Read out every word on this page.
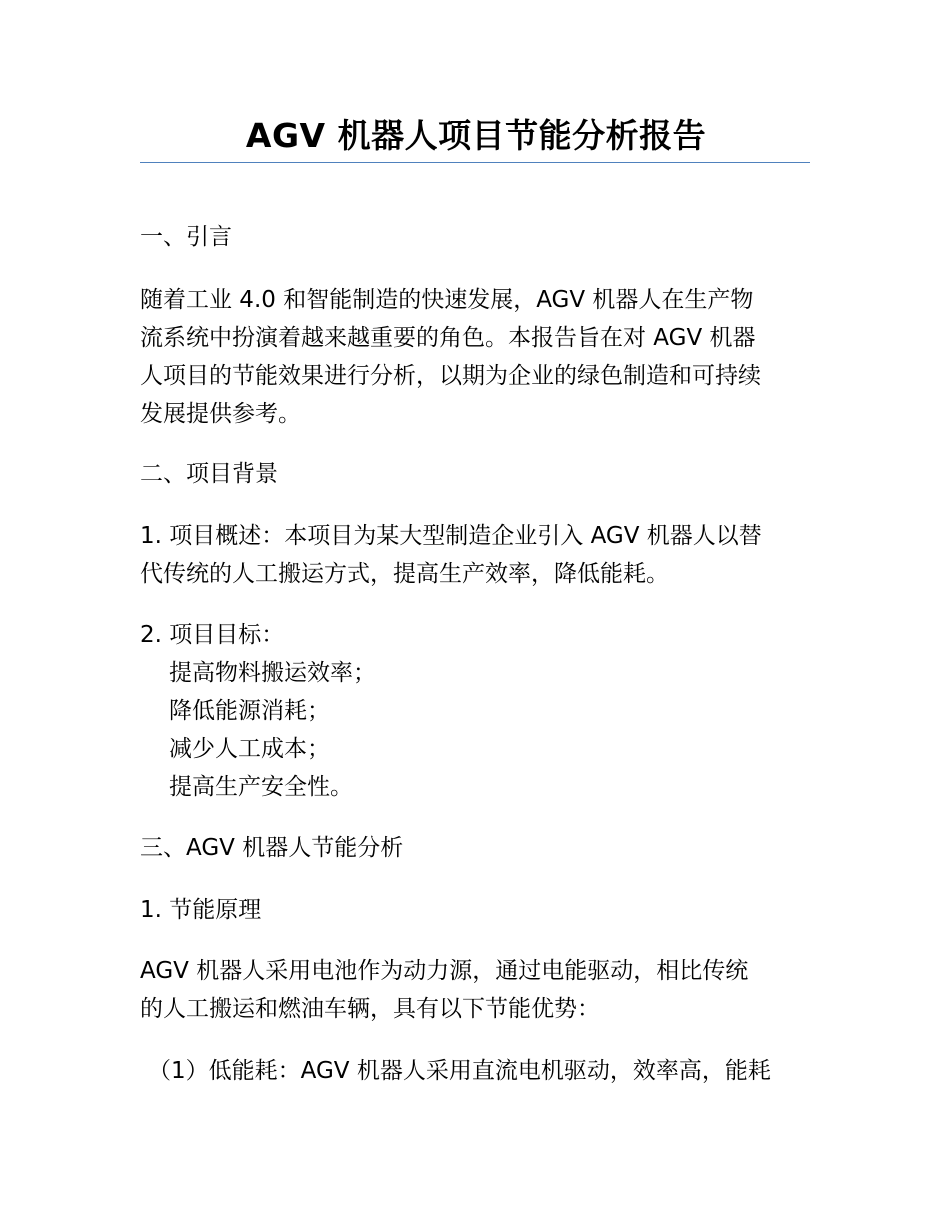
AGV 机器人项目节能分析报告
一、引言
随着工业 4.0 和智能制造的快速发展，AGV 机器人在生产物
流系统中扮演着越来越重要的角色。本报告旨在对 AGV 机器
人项目的节能效果进行分析，以期为企业的绿色制造和可持续
发展提供参考。
二、项目背景
1. 项目概述：本项目为某大型制造企业引入 AGV 机器人以替
代传统的人工搬运方式，提高生产效率，降低能耗。
2. 项目目标：
提高物料搬运效率；
降低能源消耗；
减少人工成本；
提高生产安全性。
三、AGV 机器人节能分析
1. 节能原理
AGV 机器人采用电池作为动力源，通过电能驱动，相比传统
的人工搬运和燃油车辆，具有以下节能优势：
（1）低能耗：AGV 机器人采用直流电机驱动，效率高，能耗
